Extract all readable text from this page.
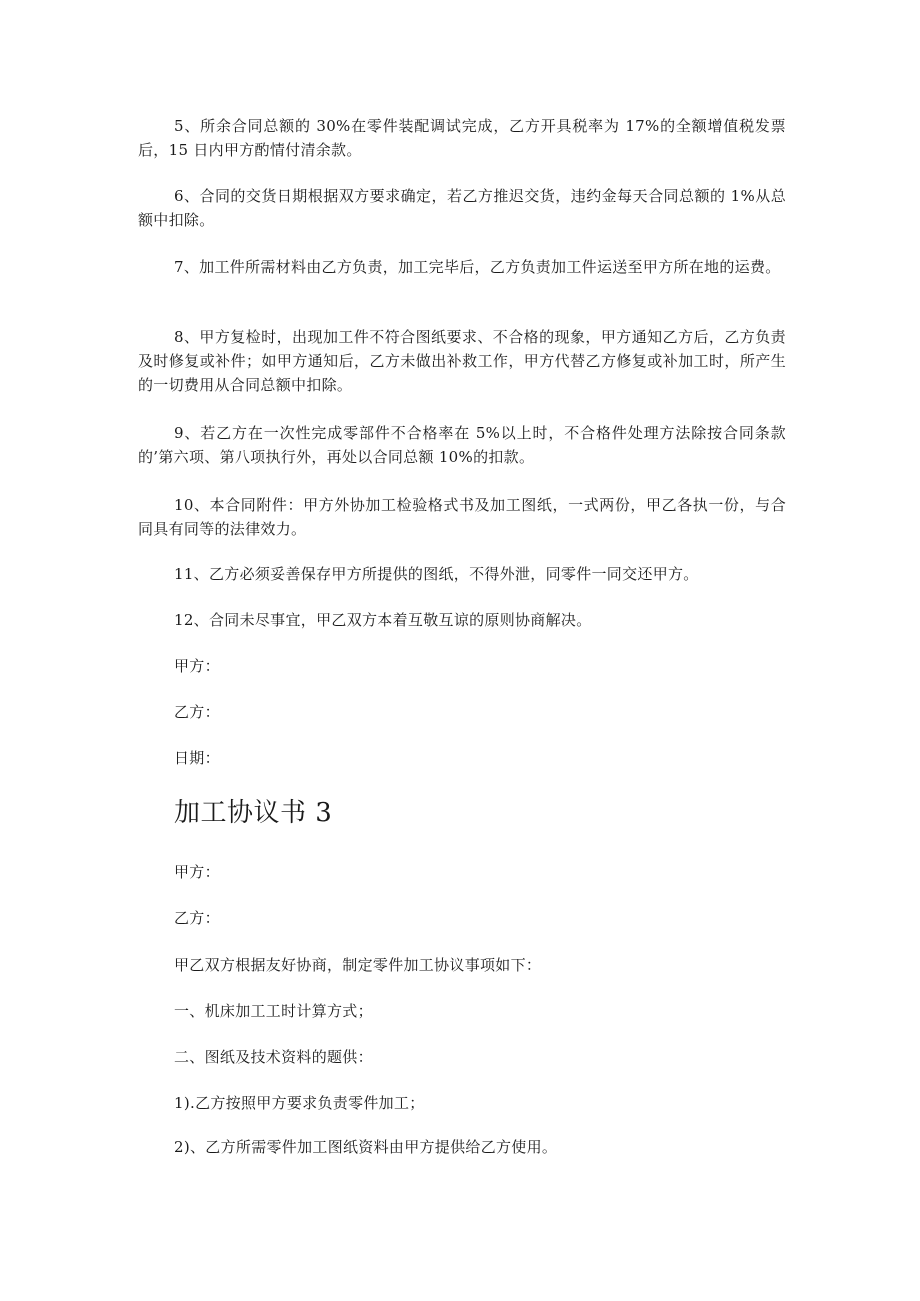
5、所余合同总额的 30%在零件装配调试完成，乙方开具税率为 17%的全额增值税发票后，15 日内甲方酌情付清余款。

6、合同的交货日期根据双方要求确定，若乙方推迟交货，违约金每天合同总额的 1%从总额中扣除。

7、加工件所需材料由乙方负责，加工完毕后，乙方负责加工件运送至甲方所在地的运费。

8、甲方复检时，出现加工件不符合图纸要求、不合格的现象，甲方通知乙方后，乙方负责及时修复或补件；如甲方通知后，乙方未做出补救工作，甲方代替乙方修复或补加工时，所产生的一切费用从合同总额中扣除。

9、若乙方在一次性完成零部件不合格率在 5%以上时，不合格件处理方法除按合同条款的’第六项、第八项执行外，再处以合同总额 10%的扣款。

10、本合同附件：甲方外协加工检验格式书及加工图纸，一式两份，甲乙各执一份，与合同具有同等的法律效力。

11、乙方必须妥善保存甲方所提供的图纸，不得外泄，同零件一同交还甲方。

12、合同未尽事宜，甲乙双方本着互敬互谅的原则协商解决。

甲方：

乙方：

日期：

加工协议书 3

甲方：

乙方：

甲乙双方根据友好协商，制定零件加工协议事项如下：

一、机床加工工时计算方式；

二、图纸及技术资料的题供：

1).乙方按照甲方要求负责零件加工；

2)、乙方所需零件加工图纸资料由甲方提供给乙方使用。
